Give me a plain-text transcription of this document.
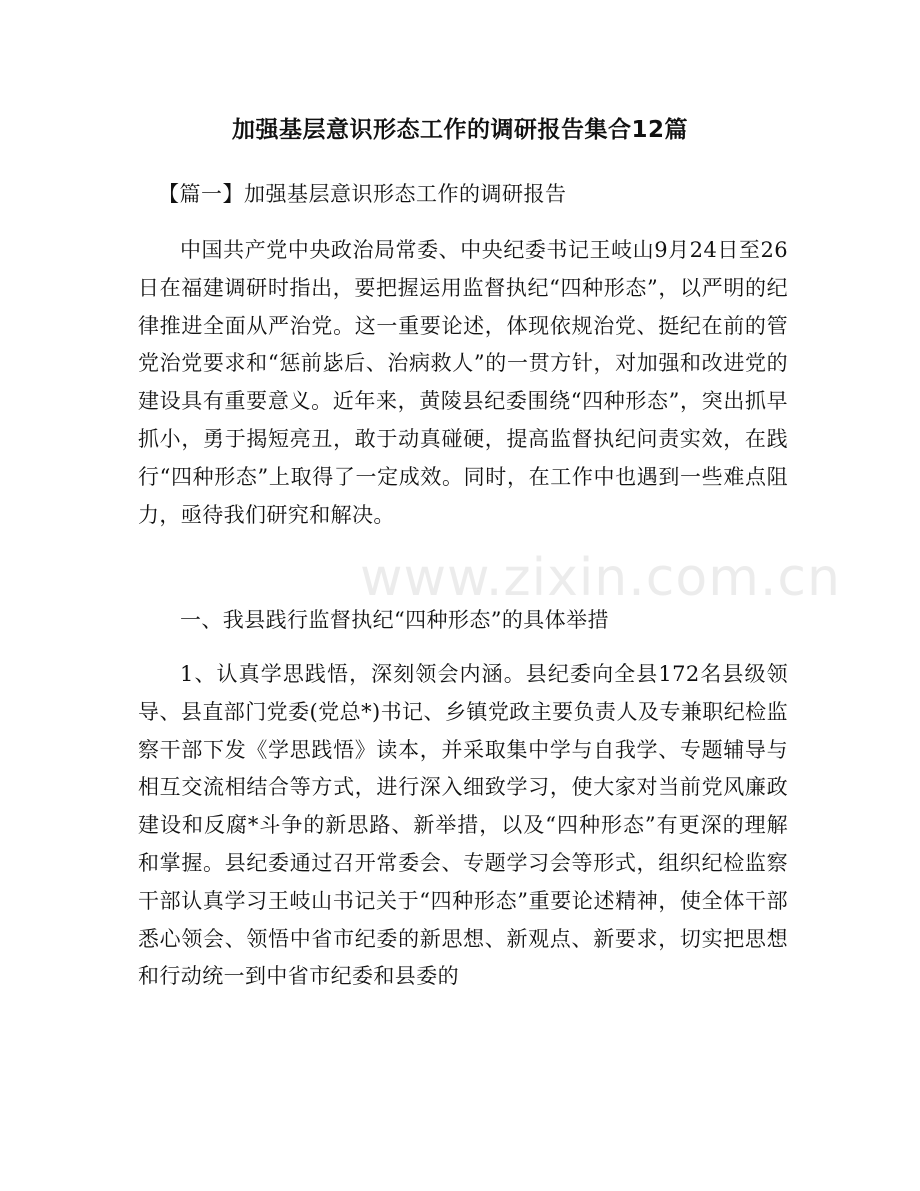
加强基层意识形态工作的调研报告集合12篇
【篇一】加强基层意识形态工作的调研报告

中国共产党中央政治局常委、中央纪委书记王岐山9月24日至26日在福建调研时指出，要把握运用监督执纪“四种形态”，以严明的纪律推进全面从严治党。这一重要论述，体现依规治党、挺纪在前的管党治党要求和“惩前毖后、治病救人”的一贯方针，对加强和改进党的建设具有重要意义。近年来，黄陵县纪委围绕“四种形态”，突出抓早抓小，勇于揭短亮丑，敢于动真碰硬，提高监督执纪问责实效，在践行“四种形态”上取得了一定成效。同时，在工作中也遇到一些难点阻力，亟待我们研究和解决。

一、我县践行监督执纪“四种形态”的具体举措

1、认真学思践悟，深刻领会内涵。县纪委向全县172名县级领导、县直部门党委(党总*)书记、乡镇党政主要负责人及专兼职纪检监察干部下发《学思践悟》读本，并采取集中学与自我学、专题辅导与相互交流相结合等方式，进行深入细致学习，使大家对当前党风廉政建设和反腐*斗争的新思路、新举措，以及“四种形态”有更深的理解和掌握。县纪委通过召开常委会、专题学习会等形式，组织纪检监察干部认真学习王岐山书记关于“四种形态”重要论述精神，使全体干部悉心领会、领悟中省市纪委的新思想、新观点、新要求，切实把思想和行动统一到中省市纪委和县委的

www.zixin.com.cn
